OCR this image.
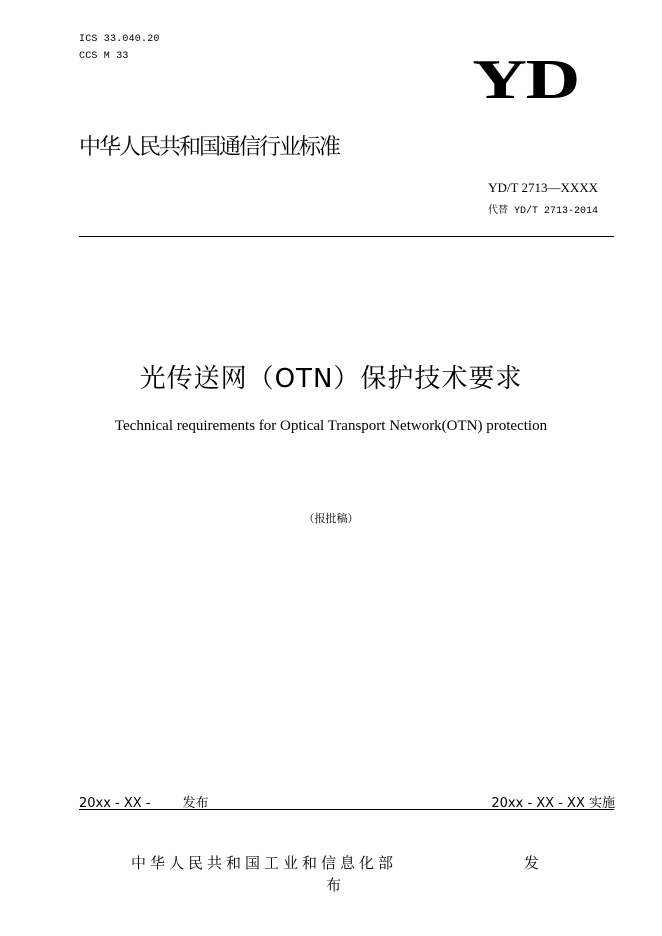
ICS 33.040.20
CCS M 33	YD
中华人民共和国通信行业标准
YD/T 2713—XXXX
代替 YD/T 2713-2014
光传送网（OTN）保护技术要求
Technical requirements for Optical Transport Network(OTN) protection
（报批稿）
20xx - XX - 发布	20xx - XX - XX 实施
中华人民共和国工业和信息化部	发
布
